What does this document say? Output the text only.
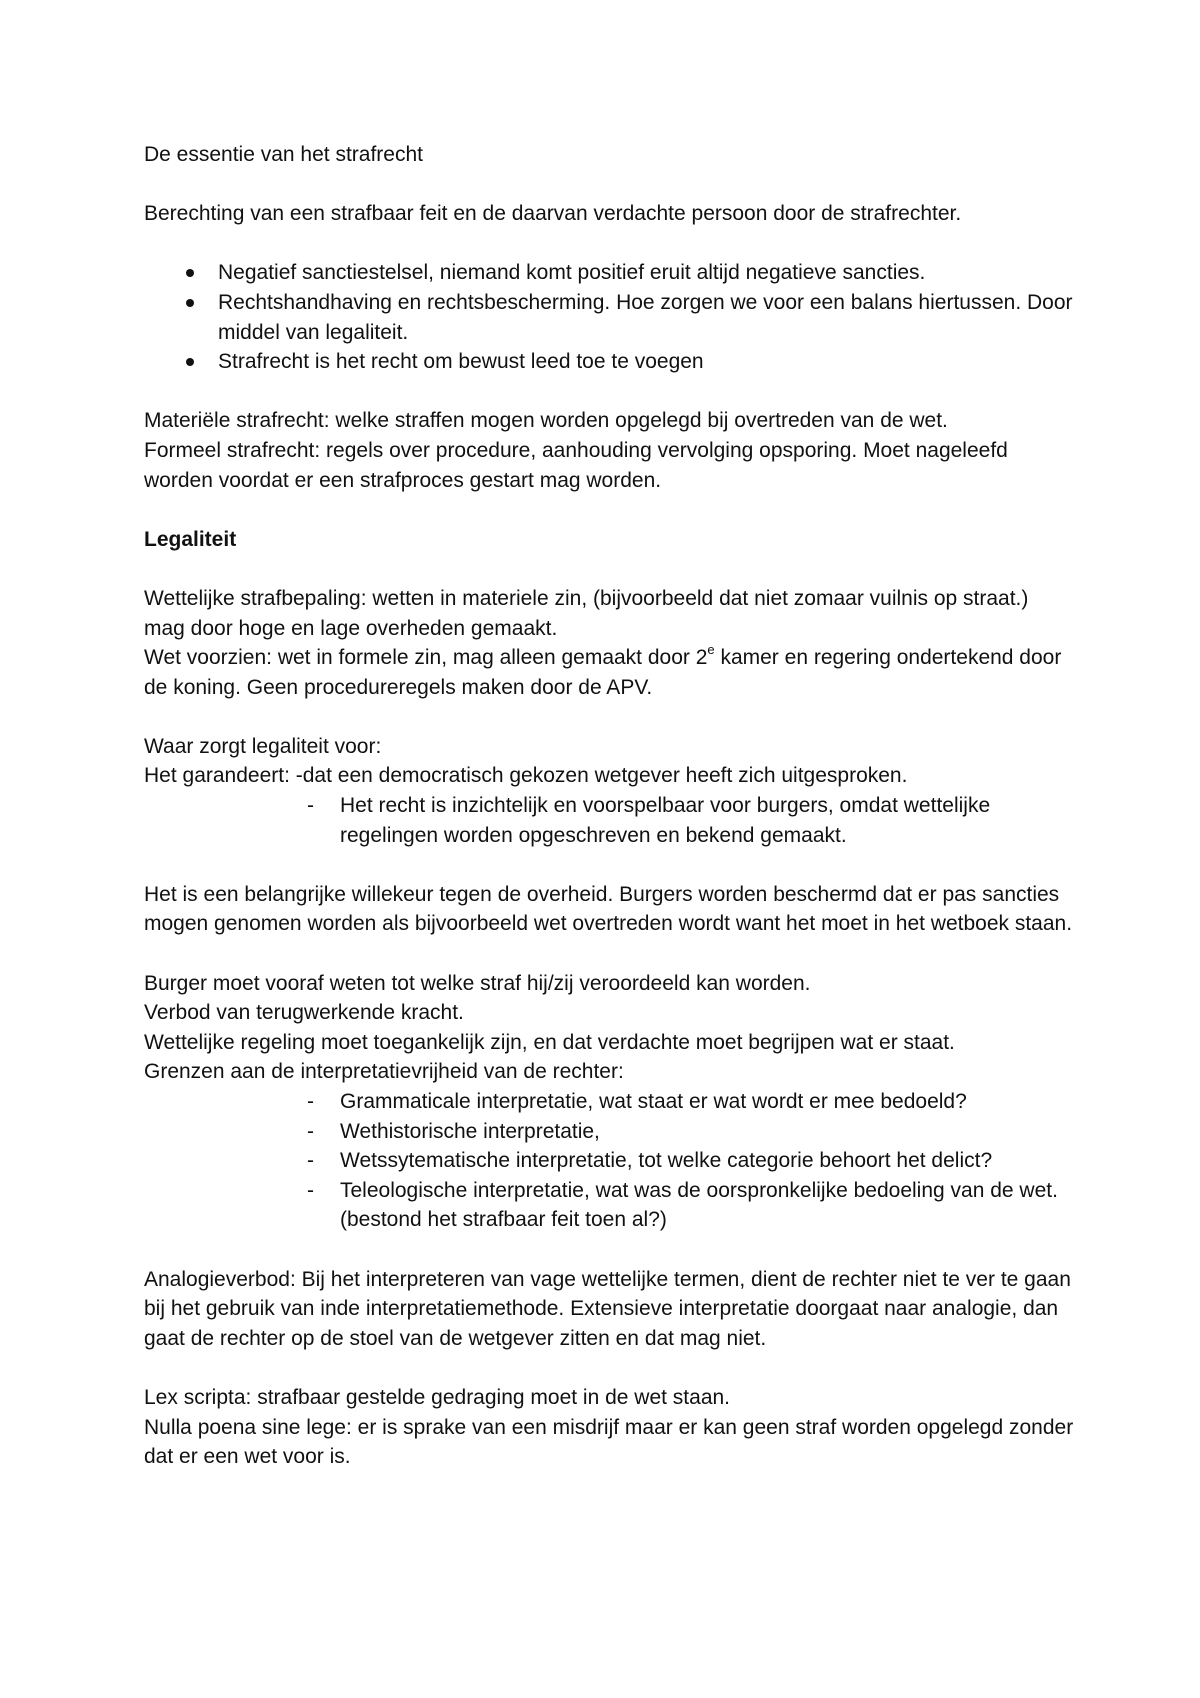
De essentie van het strafrecht

Berechting van een strafbaar feit en de daarvan verdachte persoon door de strafrechter.

Negatief sanctiestelsel, niemand komt positief eruit altijd negatieve sancties.
Rechtshandhaving en rechtsbescherming. Hoe zorgen we voor een balans hiertussen. Door middel van legaliteit.
Strafrecht is het recht om bewust leed toe te voegen

Materiële strafrecht: welke straffen mogen worden opgelegd bij overtreden van de wet.

Formeel strafrecht: regels over procedure, aanhouding vervolging opsporing. Moet nageleefd worden voordat er een strafproces gestart mag worden.

Legaliteit

Wettelijke strafbepaling: wetten in materiele zin, (bijvoorbeeld dat niet zomaar vuilnis op straat.) mag door hoge en lage overheden gemaakt.

Wet voorzien: wet in formele zin, mag alleen gemaakt door 2e kamer en regering ondertekend door de koning. Geen procedureregels maken door de APV.

Waar zorgt legaliteit voor:

Het garandeert: -dat een democratisch gekozen wetgever heeft zich uitgesproken.

- Het recht is inzichtelijk en voorspelbaar voor burgers, omdat wettelijke regelingen worden opgeschreven en bekend gemaakt.

Het is een belangrijke willekeur tegen de overheid. Burgers worden beschermd dat er pas sancties mogen genomen worden als bijvoorbeeld wet overtreden wordt want het moet in het wetboek staan.

Burger moet vooraf weten tot welke straf hij/zij veroordeeld kan worden.

Verbod van terugwerkende kracht.

Wettelijke regeling moet toegankelijk zijn, en dat verdachte moet begrijpen wat er staat.

Grenzen aan de interpretatievrijheid van de rechter:

- Grammaticale interpretatie, wat staat er wat wordt er mee bedoeld?
- Wethistorische interpretatie,
- Wetssytematische interpretatie, tot welke categorie behoort het delict?
- Teleologische interpretatie, wat was de oorspronkelijke bedoeling van de wet. (bestond het strafbaar feit toen al?)

Analogieverbod: Bij het interpreteren van vage wettelijke termen, dient de rechter niet te ver te gaan bij het gebruik van inde interpretatiemethode. Extensieve interpretatie doorgaat naar analogie, dan gaat de rechter op de stoel van de wetgever zitten en dat mag niet.

Lex scripta: strafbaar gestelde gedraging moet in de wet staan.

Nulla poena sine lege: er is sprake van een misdrijf maar er kan geen straf worden opgelegd zonder dat er een wet voor is.
